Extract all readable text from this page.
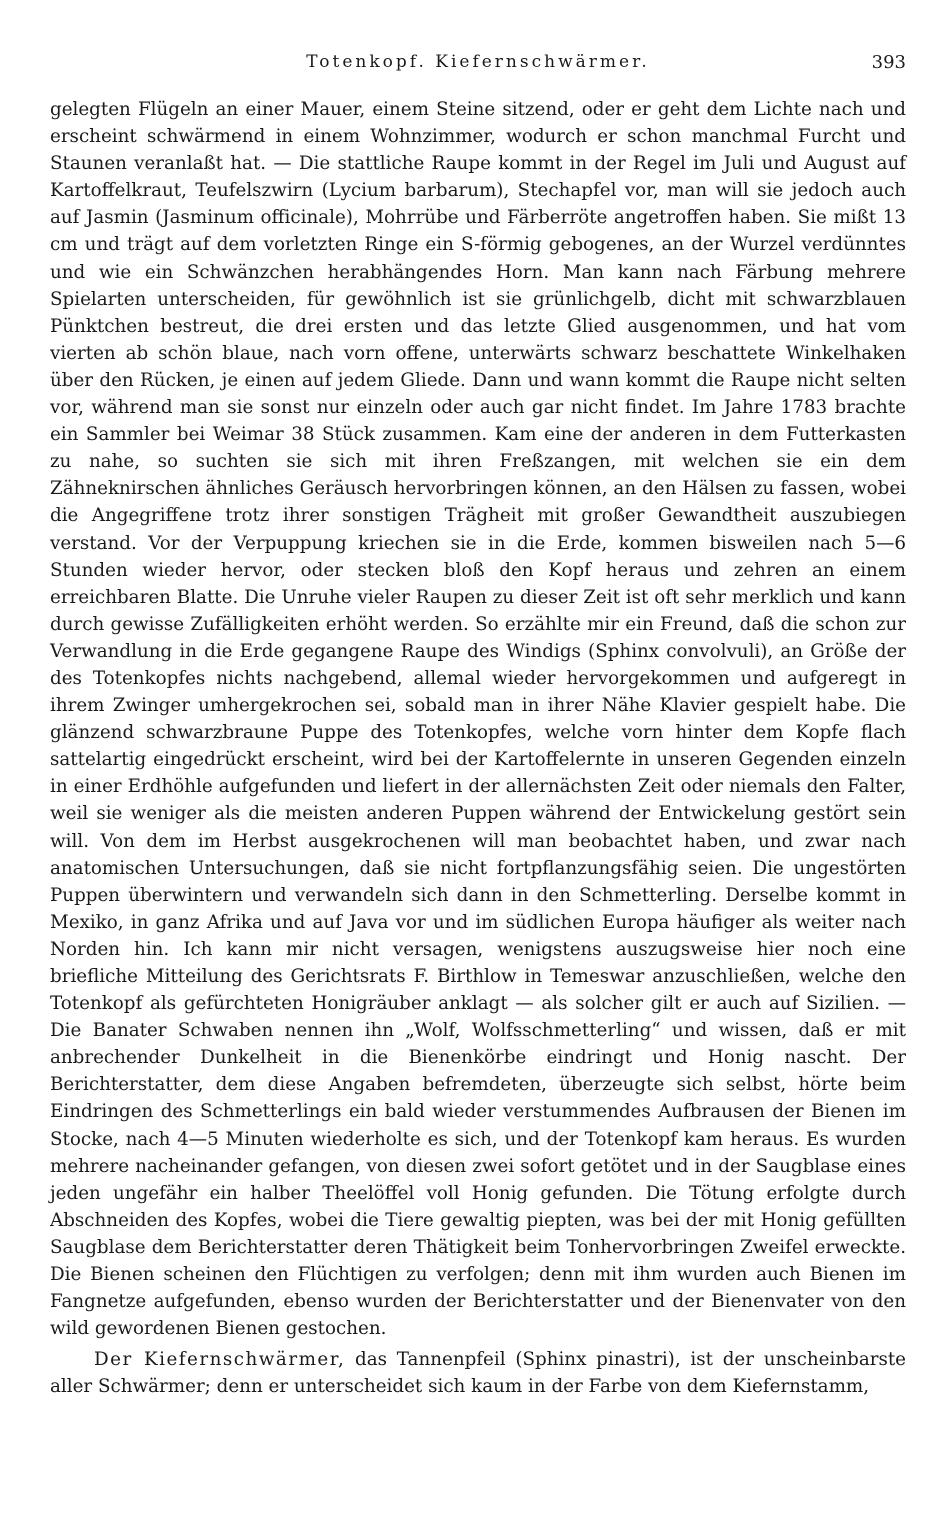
Totenkopf. Kiefernschwärmer.	393

gelegten Flügeln an einer Mauer, einem Steine sitzend, oder er geht dem Lichte nach und erscheint schwärmend in einem Wohnzimmer, wodurch er schon manchmal Furcht und Staunen veranlaßt hat. — Die stattliche Raupe kommt in der Regel im Juli und August auf Kartoffelkraut, Teufelszwirn (Lycium barbarum), Stechapfel vor, man will sie jedoch auch auf Jasmin (Jasminum officinale), Mohrrübe und Färberröte angetroffen haben. Sie mißt 13 cm und trägt auf dem vorletzten Ringe ein S-förmig gebogenes, an der Wurzel verdünntes und wie ein Schwänzchen herabhängendes Horn. Man kann nach Färbung mehrere Spielarten unterscheiden, für gewöhnlich ist sie grünlichgelb, dicht mit schwarzblauen Pünktchen bestreut, die drei ersten und das letzte Glied ausgenommen, und hat vom vierten ab schön blaue, nach vorn offene, unterwärts schwarz beschattete Winkelhaken über den Rücken, je einen auf jedem Gliede. Dann und wann kommt die Raupe nicht selten vor, während man sie sonst nur einzeln oder auch gar nicht findet. Im Jahre 1783 brachte ein Sammler bei Weimar 38 Stück zusammen. Kam eine der anderen in dem Futterkasten zu nahe, so suchten sie sich mit ihren Freßzangen, mit welchen sie ein dem Zähneknirschen ähnliches Geräusch hervorbringen können, an den Hälsen zu fassen, wobei die Angegriffene trotz ihrer sonstigen Trägheit mit großer Gewandtheit auszubiegen verstand. Vor der Verpuppung kriechen sie in die Erde, kommen bisweilen nach 5—6 Stunden wieder hervor, oder stecken bloß den Kopf heraus und zehren an einem erreichbaren Blatte. Die Unruhe vieler Raupen zu dieser Zeit ist oft sehr merklich und kann durch gewisse Zufälligkeiten erhöht werden. So erzählte mir ein Freund, daß die schon zur Verwandlung in die Erde gegangene Raupe des Windigs (Sphinx convolvuli), an Größe der des Totenkopfes nichts nachgebend, allemal wieder hervorgekommen und aufgeregt in ihrem Zwinger umhergekrochen sei, sobald man in ihrer Nähe Klavier gespielt habe. Die glänzend schwarzbraune Puppe des Totenkopfes, welche vorn hinter dem Kopfe flach sattelartig eingedrückt erscheint, wird bei der Kartoffelernte in unseren Gegenden einzeln in einer Erdhöhle aufgefunden und liefert in der allernächsten Zeit oder niemals den Falter, weil sie weniger als die meisten anderen Puppen während der Entwickelung gestört sein will. Von dem im Herbst ausgekrochenen will man beobachtet haben, und zwar nach anatomischen Untersuchungen, daß sie nicht fortpflanzungsfähig seien. Die ungestörten Puppen überwintern und verwandeln sich dann in den Schmetterling. Derselbe kommt in Mexiko, in ganz Afrika und auf Java vor und im südlichen Europa häufiger als weiter nach Norden hin. Ich kann mir nicht versagen, wenigstens auszugsweise hier noch eine briefliche Mitteilung des Gerichtsrats F. Birthlow in Temeswar anzuschließen, welche den Totenkopf als gefürchteten Honigräuber anklagt — als solcher gilt er auch auf Sizilien. — Die Banater Schwaben nennen ihn „Wolf, Wolfsschmetterling“ und wissen, daß er mit anbrechender Dunkelheit in die Bienenkörbe eindringt und Honig nascht. Der Berichterstatter, dem diese Angaben befremdeten, überzeugte sich selbst, hörte beim Eindringen des Schmetterlings ein bald wieder verstummendes Aufbrausen der Bienen im Stocke, nach 4—5 Minuten wiederholte es sich, und der Totenkopf kam heraus. Es wurden mehrere nacheinander gefangen, von diesen zwei sofort getötet und in der Saugblase eines jeden ungefähr ein halber Theelöffel voll Honig gefunden. Die Tötung erfolgte durch Abschneiden des Kopfes, wobei die Tiere gewaltig piepten, was bei der mit Honig gefüllten Saugblase dem Berichterstatter deren Thätigkeit beim Tonhervorbringen Zweifel erweckte. Die Bienen scheinen den Flüchtigen zu verfolgen; denn mit ihm wurden auch Bienen im Fangnetze aufgefunden, ebenso wurden der Berichterstatter und der Bienenvater von den wild gewordenen Bienen gestochen.

Der Kiefernschwärmer, das Tannenpfeil (Sphinx pinastri), ist der unscheinbarste aller Schwärmer; denn er unterscheidet sich kaum in der Farbe von dem Kiefernstamm,
